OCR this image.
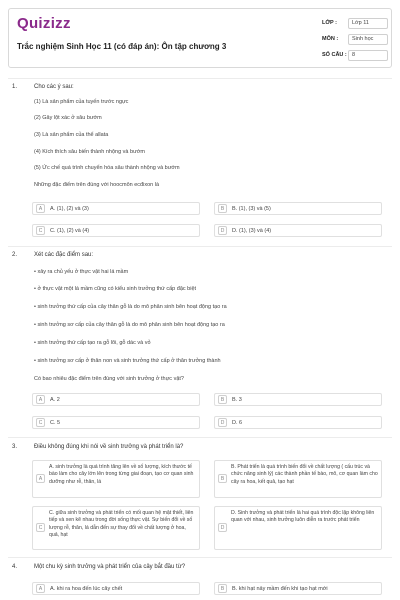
Quizizz
Trắc nghiệm Sinh Học 11 (có đáp án): Ôn tập chương 3
LỚP :	Lớp 11
MÔN :	Sinh học
SỐ CÂU : 8
1.	Cho các ý sau:
(1) Là sản phẩm của tuyến trước ngực
(2) Gây lột xác ở sâu bướm
(3) Là sản phẩm của thể allata
(4) Kích thích sâu biến thành nhộng và bướm
(5) Ức chế quá trình chuyển hóa sâu thành nhộng và bướm
Những đặc điểm trên đúng với hoocmôn ecđixon là
A	A. (1), (2) và (3)	B	B. (1), (3) và (5)
C	C. (1), (2) và (4)	D	D. (1), (3) và (4)
2.	Xét các đặc điểm sau:
• xảy ra chủ yếu ở thực vật hai lá mầm
• ở thực vật một lá mầm cũng có kiểu sinh trưởng thứ cấp đặc biệt
• sinh trưởng thứ cấp của cây thân gỗ là do mô phân sinh bên hoạt động tạo ra
• sinh trưởng sơ cấp của cây thân gỗ là do mô phân sinh bên hoạt động tạo ra
• sinh trưởng thứ cấp tạo ra gỗ lõi, gỗ dác và vỏ
• sinh trưởng sơ cấp ở thân non và sinh trưởng thứ cấp ở thân trưởng thành
Có bao nhiêu đặc điểm trên đúng với sinh trưởng ở thực vật?
A	A. 2	B	B. 3
C	C. 5	D	D. 6
3.	Điều không đúng khi nói về sinh trưởng và phát triển là?
A
A. sinh trưởng là quá trình tăng lên về số lượng, kích thước tế bào làm cho cây lớn lên trong từng giai đoạn, tạo cơ quan sinh dưỡng như rễ, thân, lá
B
B. Phát triển là quá trình biến đổi về chất lượng ( cấu trúc và chức năng sinh lý) các thành phần tế bào, mô, cơ quan làm cho cây ra hoa, kết quả, tạo hạt
C
C. giữa sinh trưởng và phát triển có mối quan hệ mật thiết, liên tiếp và xen kẽ nhau trong đời sống thực vật. Sự biến đổi về số lượng rễ, thân, lá dẫn đến sự thay đổi về chất lượng ở hoa, quả, hạt
D
D. Sinh trưởng và phát triển là hai quá trình độc lập không liên quan với nhau, sinh trưởng luôn diễn ra trước phát triển
4.	Một chu kỳ sinh trưởng và phát triển của cây bắt đầu từ?
A	A. khi ra hoa đến lúc cây chết	B	B. khi hạt nảy mầm đến khi tạo hạt mới
